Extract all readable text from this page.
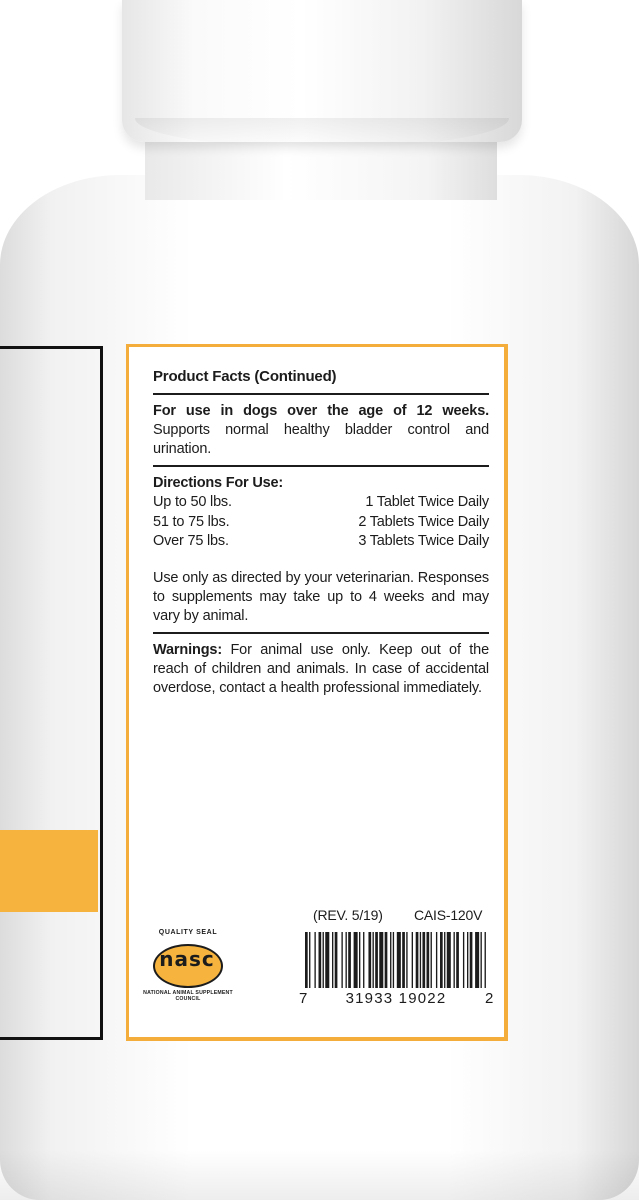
Product Facts (Continued)
For use in dogs over the age of 12 weeks. Supports normal healthy bladder control and urination.
Directions For Use:
Up to 50 lbs.	1 Tablet Twice Daily
51 to 75 lbs.	2 Tablets Twice Daily
Over 75 lbs.	3 Tablets Twice Daily
Use only as directed by your veterinarian. Responses to supplements may take up to 4 weeks and may vary by animal.
Warnings: For animal use only. Keep out of the reach of children and animals. In case of accidental overdose, contact a health professional immediately.
(REV. 5/19) CAIS-120V
QUALITY SEAL
nasc
NATIONAL ANIMAL SUPPLEMENT COUNCIL	7	31933 19022	2
